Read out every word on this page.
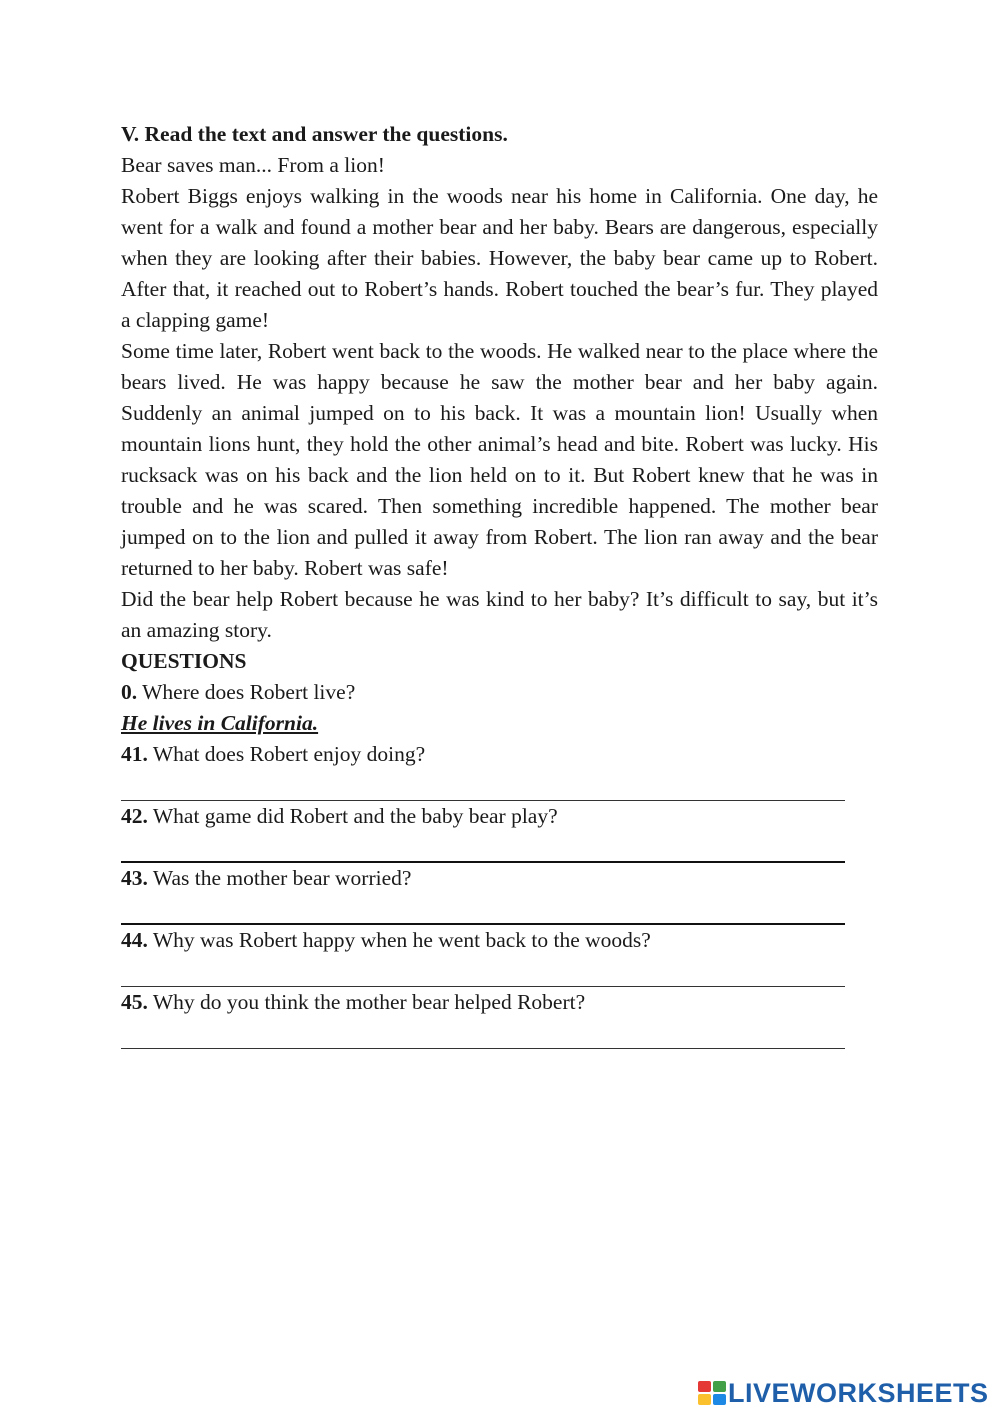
V. Read the text and answer the questions.
Bear saves man... From a lion!
Robert Biggs enjoys walking in the woods near his home in California. One day, he went for a walk and found a mother bear and her baby. Bears are dangerous, especially when they are looking after their babies. However, the baby bear came up to Robert. After that, it reached out to Robert’s hands. Robert touched the bear’s fur. They played a clapping game!
Some time later, Robert went back to the woods. He walked near to the place where the bears lived. He was happy because he saw the mother bear and her baby again. Suddenly an animal jumped on to his back. It was a mountain lion! Usually when mountain lions hunt, they hold the other animal’s head and bite. Robert was lucky. His rucksack was on his back and the lion held on to it. But Robert knew that he was in trouble and he was scared. Then something incredible happened. The mother bear jumped on to the lion and pulled it away from Robert. The lion ran away and the bear returned to her baby. Robert was safe!
Did the bear help Robert because he was kind to her baby? It’s difficult to say, but it’s an amazing story.
QUESTIONS
0. Where does Robert live?
He lives in California.
41. What does Robert enjoy doing?
42. What game did Robert and the baby bear play?
43. Was the mother bear worried?
44. Why was Robert happy when he went back to the woods?
45. Why do you think the mother bear helped Robert?
LIVEWORKSHEETS
